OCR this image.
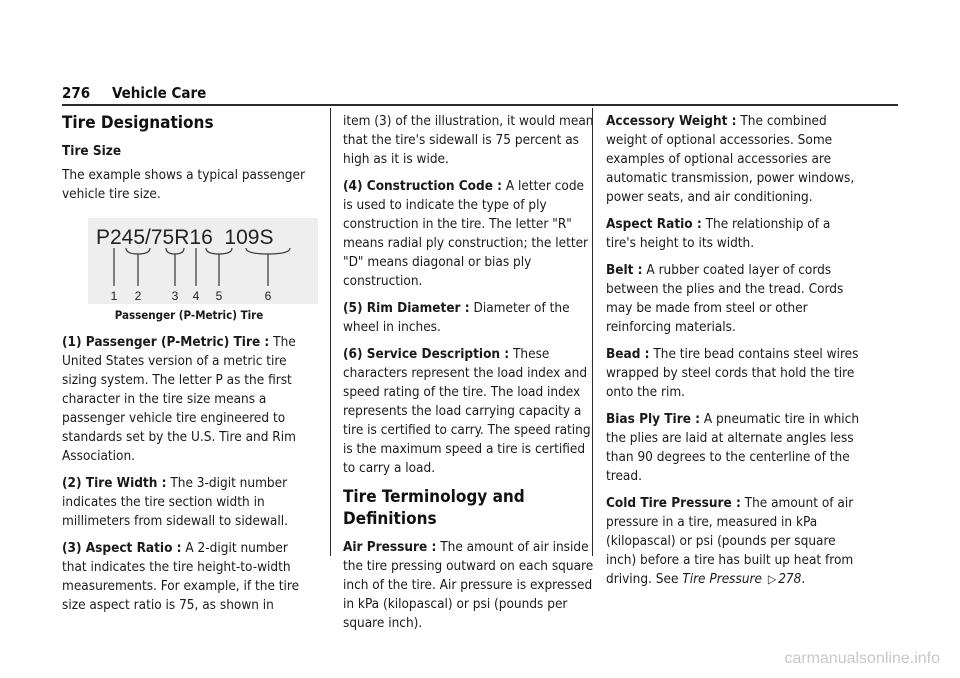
276 Vehicle Care
Tire Designations
Tire Size

The example shows a typical passenger vehicle tire size.

P245/75R16  109S
1 2	3 4 5	6

Passenger (P-Metric) Tire

(1) Passenger (P-Metric) Tire : The United States version of a metric tire sizing system. The letter P as the first character in the tire size means a passenger vehicle tire engineered to standards set by the U.S. Tire and Rim Association.

(2) Tire Width : The 3-digit number indicates the tire section width in millimeters from sidewall to sidewall.

(3) Aspect Ratio : A 2-digit number that indicates the tire height-to-width measurements. For example, if the tire size aspect ratio is 75, as shown in

item (3) of the illustration, it would mean that the tire's sidewall is 75 percent as high as it is wide.

(4) Construction Code : A letter code is used to indicate the type of ply construction in the tire. The letter "R" means radial ply construction; the letter "D" means diagonal or bias ply construction.

(5) Rim Diameter : Diameter of the wheel in inches.

(6) Service Description : These characters represent the load index and speed rating of the tire. The load index represents the load carrying capacity a tire is certified to carry. The speed rating is the maximum speed a tire is certified to carry a load.

Tire Terminology and Definitions

Air Pressure : The amount of air inside the tire pressing outward on each square inch of the tire. Air pressure is expressed in kPa (kilopascal) or psi (pounds per square inch).

Accessory Weight : The combined weight of optional accessories. Some examples of optional accessories are automatic transmission, power windows, power seats, and air conditioning.

Aspect Ratio : The relationship of a tire's height to its width.

Belt : A rubber coated layer of cords between the plies and the tread. Cords may be made from steel or other reinforcing materials.

Bead : The tire bead contains steel wires wrapped by steel cords that hold the tire onto the rim.

Bias Ply Tire : A pneumatic tire in which the plies are laid at alternate angles less than 90 degrees to the centerline of the tread.

Cold Tire Pressure : The amount of air pressure in a tire, measured in kPa (kilopascal) or psi (pounds per square inch) before a tire has built up heat from driving. See Tire Pressure ▷ 278.

carmanualsonline.info
